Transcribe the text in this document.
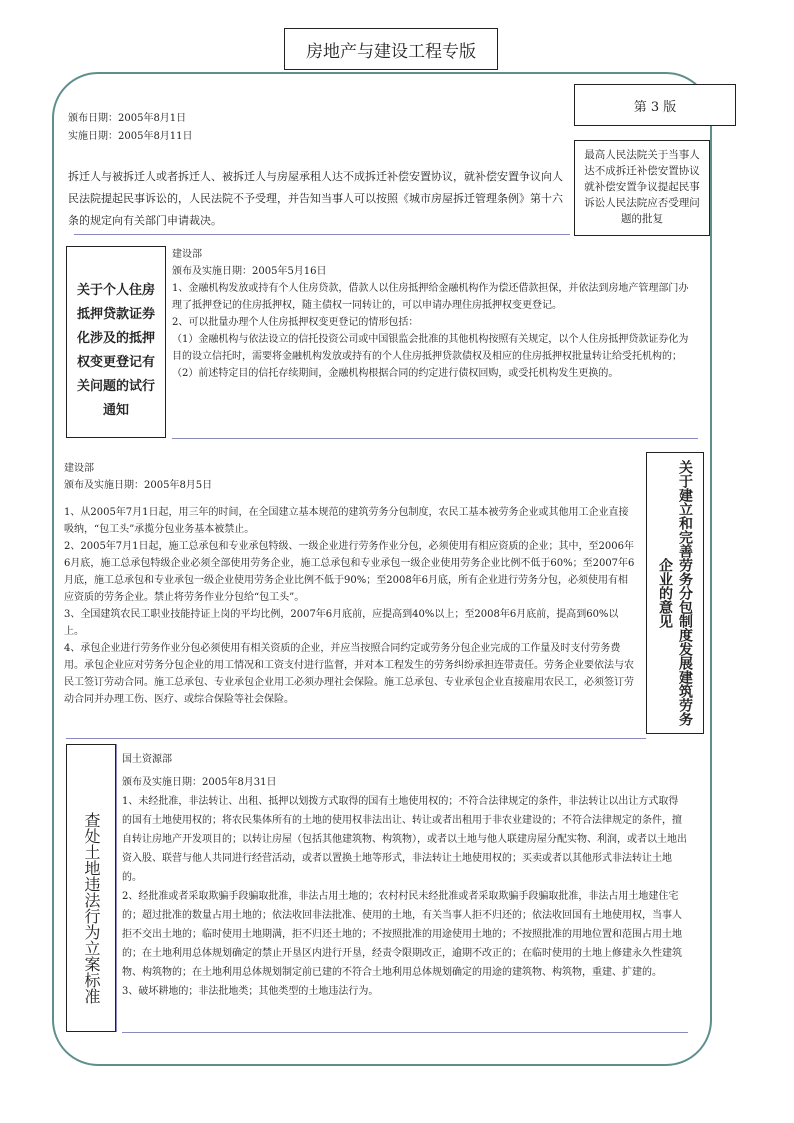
房地产与建设工程专版
第 3 版
颁布日期：2005年8月1日
实施日期：2005年8月11日
拆迁人与被拆迁人或者拆迁人、被拆迁人与房屋承租人达不成拆迁补偿安置协议，就补偿安置争议向人民法院提起民事诉讼的，人民法院不予受理，并告知当事人可以按照《城市房屋拆迁管理条例》第十六条的规定向有关部门申请裁决。
最高人民法院关于当事人达不成拆迁补偿安置协议就补偿安置争议提起民事诉讼人民法院应否受理问题的批复
关于个人住房抵押贷款证券化涉及的抵押权变更登记有关问题的试行通知
建设部
颁布及实施日期：2005年5月16日

1、金融机构发放或持有个人住房贷款，借款人以住房抵押给金融机构作为偿还借款担保，并依法到房地产管理部门办理了抵押登记的住房抵押权，随主债权一同转让的，可以申请办理住房抵押权变更登记。

2、可以批量办理个人住房抵押权变更登记的情形包括：

（1）金融机构与依法设立的信托投资公司或中国银监会批准的其他机构按照有关规定，以个人住房抵押贷款证券化为目的设立信托时，需要将金融机构发放或持有的个人住房抵押贷款债权及相应的住房抵押权批量转让给受托机构的；

（2）前述特定目的信托存续期间，金融机构根据合同的约定进行债权回购，或受托机构发生更换的。

建设部
颁布及实施日期：2005年8月5日

1、从2005年7月1日起，用三年的时间，在全国建立基本规范的建筑劳务分包制度，农民工基本被劳务企业或其他用工企业直接吸纳，“包工头”承揽分包业务基本被禁止。

2、2005年7月1日起，施工总承包和专业承包特级、一级企业进行劳务作业分包，必须使用有相应资质的企业；其中，至2006年6月底，施工总承包特级企业必须全部使用劳务企业，施工总承包和专业承包一级企业使用劳务企业比例不低于60%；至2007年6月底，施工总承包和专业承包一级企业使用劳务企业比例不低于90%；至2008年6月底，所有企业进行劳务分包，必须使用有相应资质的劳务企业。禁止将劳务作业分包给“包工头”。

3、全国建筑农民工职业技能持证上岗的平均比例，2007年6月底前，应提高到40%以上；至2008年6月底前，提高到60%以上。

4、承包企业进行劳务作业分包必须使用有相关资质的企业，并应当按照合同约定或劳务分包企业完成的工作量及时支付劳务费用。承包企业应对劳务分包企业的用工情况和工资支付进行监督，并对本工程发生的劳务纠纷承担连带责任。劳务企业要依法与农民工签订劳动合同。施工总承包、专业承包企业用工必须办理社会保险。施工总承包、专业承包企业直接雇用农民工，必须签订劳动合同并办理工伤、医疗、或综合保险等社会保险。	关于建立和完善劳务分包制度发展建筑劳务企业的意见
查处土地违法行为立案标准
国土资源部
颁布及实施日期：2005年8月31日

1、未经批准，非法转让、出租、抵押以划拨方式取得的国有土地使用权的；不符合法律规定的条件，非法转让以出让方式取得的国有土地使用权的；将农民集体所有的土地的使用权非法出让、转让或者出租用于非农业建设的；不符合法律规定的条件，擅自转让房地产开发项目的；以转让房屋（包括其他建筑物、构筑物），或者以土地与他人联建房屋分配实物、利润，或者以土地出资入股、联营与他人共同进行经营活动，或者以置换土地等形式，非法转让土地使用权的；买卖或者以其他形式非法转让土地的。

2、经批准或者采取欺骗手段骗取批准，非法占用土地的；农村村民未经批准或者采取欺骗手段骗取批准，非法占用土地建住宅的；超过批准的数量占用土地的；依法收回非法批准、使用的土地，有关当事人拒不归还的；依法收回国有土地使用权，当事人拒不交出土地的；临时使用土地期满，拒不归还土地的；不按照批准的用途使用土地的；不按照批准的用地位置和范围占用土地的；在土地利用总体规划确定的禁止开垦区内进行开垦，经责令限期改正，逾期不改正的；在临时使用的土地上修建永久性建筑物、构筑物的；在土地利用总体规划制定前已建的不符合土地利用总体规划确定的用途的建筑物、构筑物，重建、扩建的。

3、破坏耕地的；非法批地类；其他类型的土地违法行为。
